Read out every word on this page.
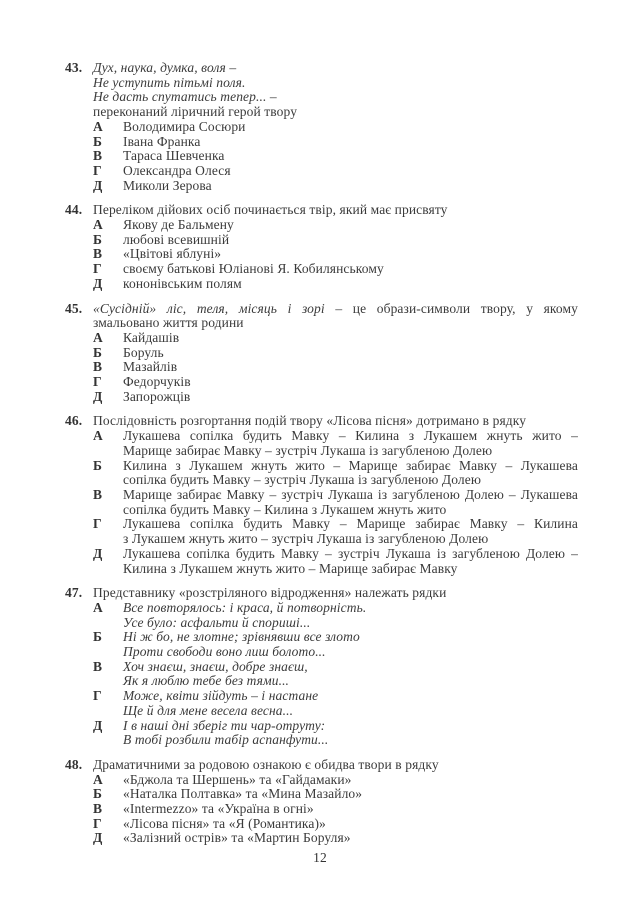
43. Дух, наука, думка, воля –
Не уступить пітьмі поля.
Не дасть спутатись тепер... –
переконаний ліричний герой твору
А	Володимира Сосюри
Б	Івана Франка
В	Тараса Шевченка
Г	Олександра Олеся
Д	Миколи Зерова
44. Переліком дійових осіб починається твір, який має присвяту
А	Якову де Бальмену
Б	любові всевишній
В	«Цвітові яблуні»
Г	своєму батькові Юліанові Я. Кобилянському
Д	кононівським полям
45. «Сусідній» ліс, теля, місяць і зорі – це образи-символи твору, у якому
змальовано життя родини
А	Кайдашів
Б	Боруль
В	Мазайлів
Г	Федорчуків
Д	Запорожців
46. Послідовність розгортання подій твору «Лісова пісня» дотримано в рядку
А	Лукашева сопілка будить Мавку – Килина з Лукашем жнуть жито –
Марище забирає Мавку – зустріч Лукаша із загубленою Долею
Б	Килина з Лукашем жнуть жито – Марище забирає Мавку – Лукашева
сопілка будить Мавку – зустріч Лукаша із загубленою Долею
В	Марище забирає Мавку – зустріч Лукаша із загубленою Долею – Лукашева
сопілка будить Мавку – Килина з Лукашем жнуть жито
Г	Лукашева сопілка будить Мавку – Марище забирає Мавку – Килина
з Лукашем жнуть жито – зустріч Лукаша із загубленою Долею
Д	Лукашева сопілка будить Мавку – зустріч Лукаша із загубленою Долею –
Килина з Лукашем жнуть жито – Марище забирає Мавку
47. Представнику «розстріляного відродження» належать рядки
А	Все повторялось: і краса, й потворність.
Усе було: асфальти й спориші...
Б	Ні ж бо, не злотне; зрівнявши все злото
Проти свободи воно лиш болото...
В	Хоч знаєш, знаєш, добре знаєш,
Як я люблю тебе без тями...
Г	Може, квіти зійдуть – і настане
Ще й для мене весела весна...
Д	І в наші дні зберіг ти чар-отруту:
В тобі розбили табір аспанфути...
48. Драматичними за родовою ознакою є обидва твори в рядку
А	«Бджола та Шершень» та «Гайдамаки»
Б	«Наталка Полтавка» та «Мина Мазайло»
В	«Intermezzo» та «Україна в огні»
Г	«Лісова пісня» та «Я (Романтика)»
Д	«Залізний острів» та «Мартин Боруля»
12
